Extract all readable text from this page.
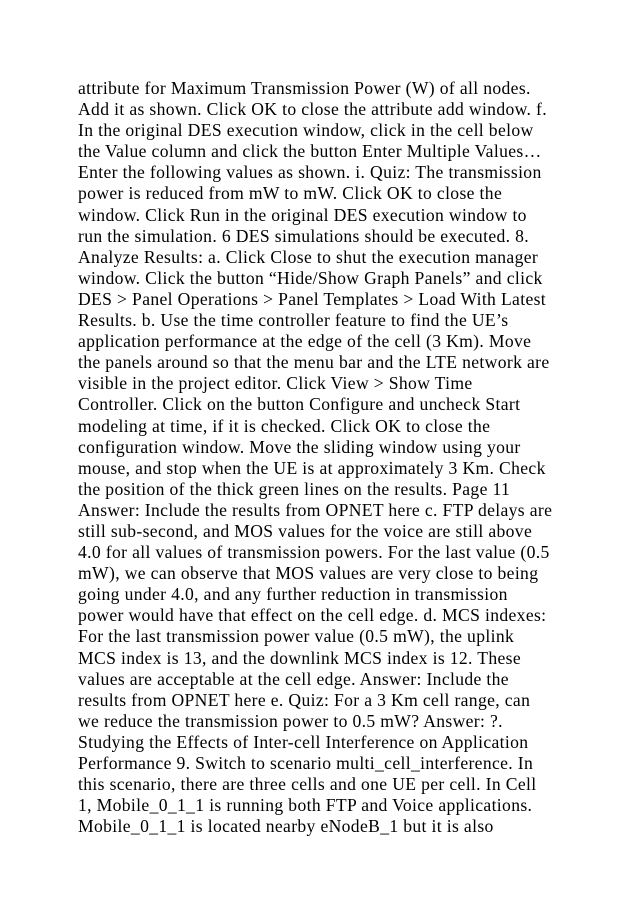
attribute for Maximum Transmission Power (W) of all nodes.
Add it as shown. Click OK to close the attribute add window. f.
In the original DES execution window, click in the cell below
the Value column and click the button Enter Multiple Values…
Enter the following values as shown. i. Quiz: The transmission
power is reduced from mW to mW. Click OK to close the
window. Click Run in the original DES execution window to
run the simulation. 6 DES simulations should be executed. 8.
Analyze Results: a. Click Close to shut the execution manager
window. Click the button “Hide/Show Graph Panels” and click
DES > Panel Operations > Panel Templates > Load With Latest
Results. b. Use the time controller feature to find the UE’s
application performance at the edge of the cell (3 Km). Move
the panels around so that the menu bar and the LTE network are
visible in the project editor. Click View > Show Time
Controller. Click on the button Configure and uncheck Start
modeling at time, if it is checked. Click OK to close the
configuration window. Move the sliding window using your
mouse, and stop when the UE is at approximately 3 Km. Check
the position of the thick green lines on the results. Page 11
Answer: Include the results from OPNET here c. FTP delays are
still sub-second, and MOS values for the voice are still above
4.0 for all values of transmission powers. For the last value (0.5
mW), we can observe that MOS values are very close to being
going under 4.0, and any further reduction in transmission
power would have that effect on the cell edge. d. MCS indexes:
For the last transmission power value (0.5 mW), the uplink
MCS index is 13, and the downlink MCS index is 12. These
values are acceptable at the cell edge. Answer: Include the
results from OPNET here e. Quiz: For a 3 Km cell range, can
we reduce the transmission power to 0.5 mW? Answer: ?.
Studying the Effects of Inter-cell Interference on Application
Performance 9. Switch to scenario multi_cell_interference. In
this scenario, there are three cells and one UE per cell. In Cell
1, Mobile_0_1_1 is running both FTP and Voice applications.
Mobile_0_1_1 is located nearby eNodeB_1 but it is also
